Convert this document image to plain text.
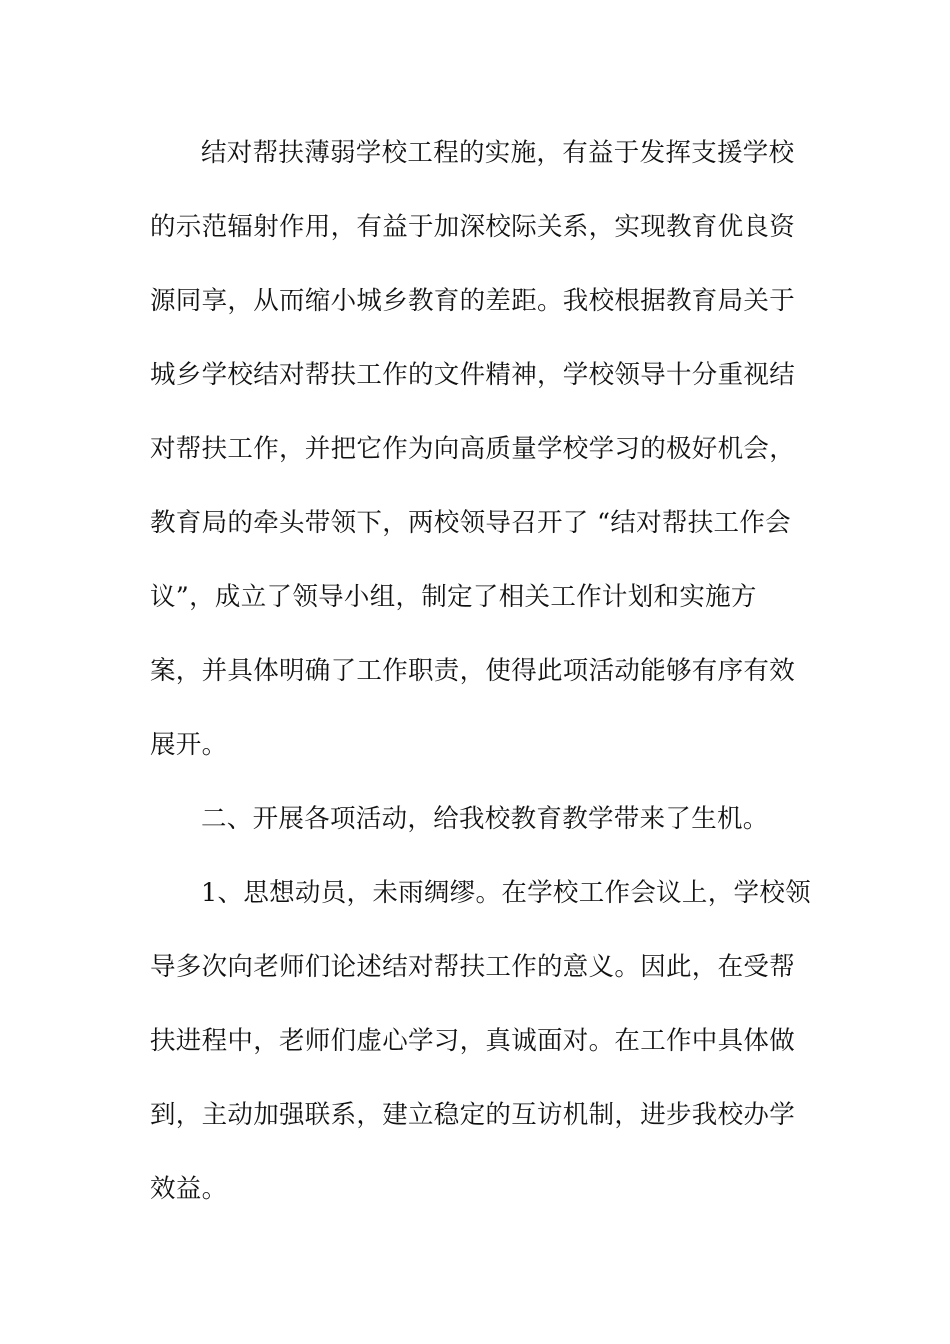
结对帮扶薄弱学校工程的实施，有益于发挥支援学校
的示范辐射作用，有益于加深校际关系，实现教育优良资
源同享，从而缩小城乡教育的差距。我校根据教育局关于
城乡学校结对帮扶工作的文件精神，学校领导十分重视结
对帮扶工作，并把它作为向高质量学校学习的极好机会，
教育局的牵头带领下，两校领导召开了 “结对帮扶工作会
议”，成立了领导小组，制定了相关工作计划和实施方
案，并具体明确了工作职责，使得此项活动能够有序有效
展开。

二、开展各项活动，给我校教育教学带来了生机。

1、思想动员，未雨绸缪。在学校工作会议上，学校领
导多次向老师们论述结对帮扶工作的意义。因此，在受帮
扶进程中，老师们虚心学习，真诚面对。在工作中具体做
到，主动加强联系，建立稳定的互访机制，进步我校办学
效益。
